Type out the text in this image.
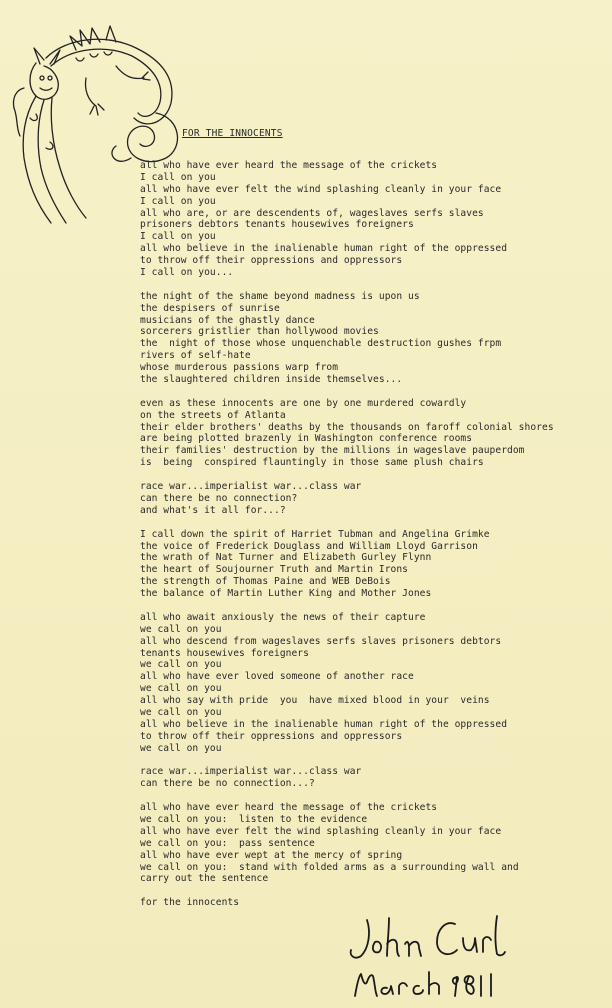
FOR THE INNOCENTS
all who have ever heard the message of the crickets
I call on you
all who have ever felt the wind splashing cleanly in your face
I call on you
all who are, or are descendents of, wageslaves serfs slaves
prisoners debtors tenants housewives foreigners
I call on you
all who believe in the inalienable human right of the oppressed
to throw off their oppressions and oppressors
I call on you...
the night of the shame beyond madness is upon us
the despisers of sunrise
musicians of the ghastly dance
sorcerers gristlier than hollywood movies
the  night of those whose unquenchable destruction gushes frpm
rivers of self-hate
whose murderous passions warp from
the slaughtered children inside themselves...
even as these innocents are one by one murdered cowardly
on the streets of Atlanta
their elder brothers' deaths by the thousands on faroff colonial shores
are being plotted brazenly in Washington conference rooms
their families' destruction by the millions in wageslave pauperdom
is  being  conspired flauntingly in those same plush chairs
race war...imperialist war...class war
can there be no connection?
and what's it all for...?
I call down the spirit of Harriet Tubman and Angelina Grimke
the voice of Frederick Douglass and William Lloyd Garrison
the wrath of Nat Turner and Elizabeth Gurley Flynn
the heart of Soujourner Truth and Martin Irons
the strength of Thomas Paine and WEB DeBois
the balance of Martin Luther King and Mother Jones
all who await anxiously the news of their capture
we call on you
all who descend from wageslaves serfs slaves prisoners debtors
tenants housewives foreigners
we call on you
all who have ever loved someone of another race
we call on you
all who say with pride  you  have mixed blood in your  veins
we call on you
all who believe in the inalienable human right of the oppressed
to throw off their oppressions and oppressors
we call on you
race war...imperialist war...class war
can there be no connection...?
all who have ever heard the message of the crickets
we call on you:  listen to the evidence
all who have ever felt the wind splashing cleanly in your face
we call on you:  pass sentence
all who have ever wept at the mercy of spring
we call on you:  stand with folded arms as a surrounding wall and
carry out the sentence
for the innocents
